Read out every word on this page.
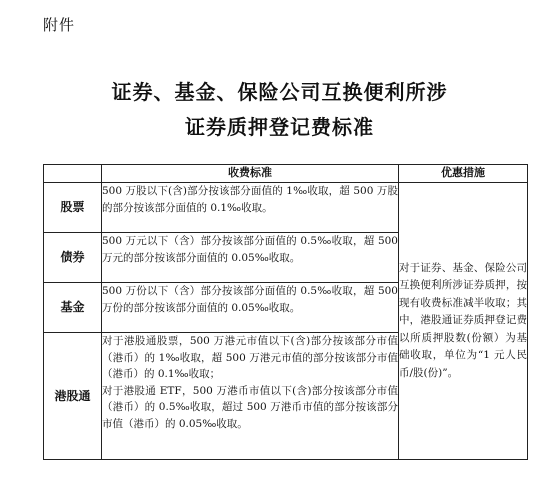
附件
证券、基金、保险公司互换便利所涉
证券质押登记费标准
	收费标准	优惠措施
股票	500 万股以下(含)部分按该部分面值的 1‰收取，超 500 万股的部分按该部分面值的 0.1‰收取。	对于证券、基金、保险公司互换便利所涉证券质押，按现有收费标准减半收取；其中，港股通证券质押登记费以所质押股数(份额）为基础收取，单位为“1 元人民币/股(份)”。
债券	500 万元以下（含）部分按该部分面值的 0.5‰收取，超 500 万元的部分按该部分面值的 0.05‰收取。	
基金	500 万份以下（含）部分按该部分面值的 0.5‰收取，超 500 万份的部分按该部分面值的 0.05‰收取。	
港股通	对于港股通股票，500 万港元市值以下(含)部分按该部分市值（港币）的 1‰收取，超 500 万港元市值的部分按该部分市值（港币）的 0.1‰收取；
对于港股通 ETF，500 万港币市值以下(含)部分按该部分市值（港币）的 0.5‰收取，超过 500 万港币市值的部分按该部分市值（港币）的 0.05‰收取。	
